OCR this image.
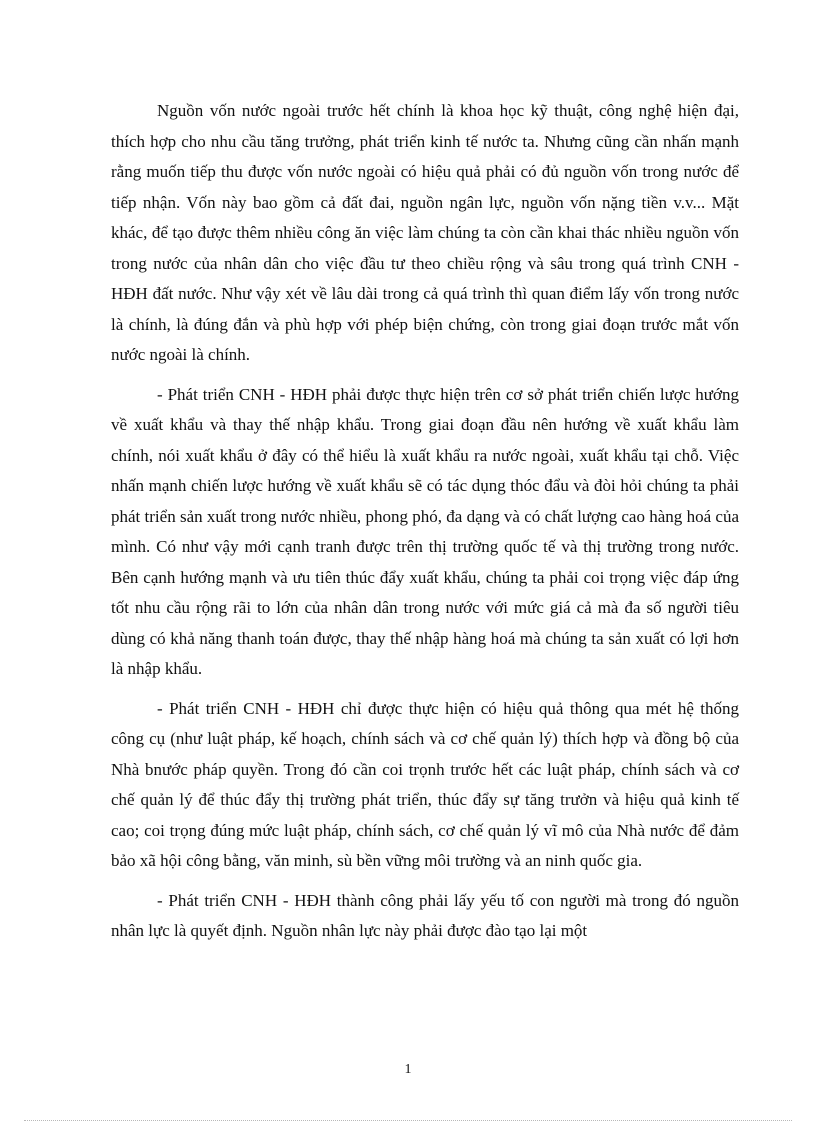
Nguồn vốn nước ngoài trước hết chính là khoa học kỹ thuật, công nghệ hiện đại, thích hợp cho nhu cầu tăng trưởng, phát triển kinh tế nước ta. Nhưng cũng cần nhấn mạnh rằng muốn tiếp thu được vốn nước ngoài có hiệu quả phải có đủ nguồn vốn trong nước để tiếp nhận. Vốn này bao gồm cả đất đai, nguồn ngân lực, nguồn vốn nặng tiền v.v... Mặt khác, để tạo được thêm nhiều công ăn việc làm chúng ta còn cần khai thác nhiều nguồn vốn trong nước của nhân dân cho việc đầu tư theo chiều rộng và sâu trong quá trình CNH - HĐH đất nước. Như vậy xét về lâu dài trong cả quá trình thì quan điểm lấy vốn trong nước là chính, là đúng đắn và phù hợp với phép biện chứng, còn trong giai đoạn trước mắt vốn nước ngoài là chính.

- Phát triển CNH - HĐH phải được thực hiện trên cơ sở phát triển chiến lược hướng về xuất khẩu và thay thế nhập khẩu. Trong giai đoạn đầu nên hướng về xuất khẩu làm chính, nói xuất khẩu ở đây có thể hiểu là xuất khẩu ra nước ngoài, xuất khẩu tại chỗ. Việc nhấn mạnh chiến lược hướng về xuất khẩu sẽ có tác dụng thóc đẩu và đòi hỏi chúng ta phải phát triển sản xuất trong nước nhiều, phong phó, đa dạng và có chất lượng cao hàng hoá của mình. Có như vậy mới cạnh tranh được trên thị trường quốc tế và thị trường trong nước. Bên cạnh hướng mạnh và ưu tiên thúc đẩy xuất khẩu, chúng ta phải coi trọng việc đáp ứng tốt nhu cầu rộng rãi to lớn của nhân dân trong nước với mức giá cả mà đa số người tiêu dùng có khả năng thanh toán được, thay thế nhập hàng hoá mà chúng ta sản xuất có lợi hơn là nhập khẩu.

- Phát triển CNH - HĐH chỉ được thực hiện có hiệu quả thông qua mét hệ thống công cụ (như luật pháp, kế hoạch, chính sách và cơ chế quản lý) thích hợp và đồng bộ của Nhà bnước pháp quyền. Trong đó cần coi trọnh trước hết các luật pháp, chính sách và cơ chế quản lý để thúc đẩy thị trường phát triển, thúc đẩy sự tăng trưởn và hiệu quả kinh tế cao; coi trọng đúng mức luật pháp, chính sách, cơ chế quản lý vĩ mô của Nhà nước để đảm bảo xã hội công bằng, văn minh, sù bền vững môi trường và an ninh quốc gia.

- Phát triển CNH - HĐH thành công phải lấy yếu tố con người mà trong đó nguồn nhân lực là quyết định. Nguồn nhân lực này phải được đào tạo lại một

1
